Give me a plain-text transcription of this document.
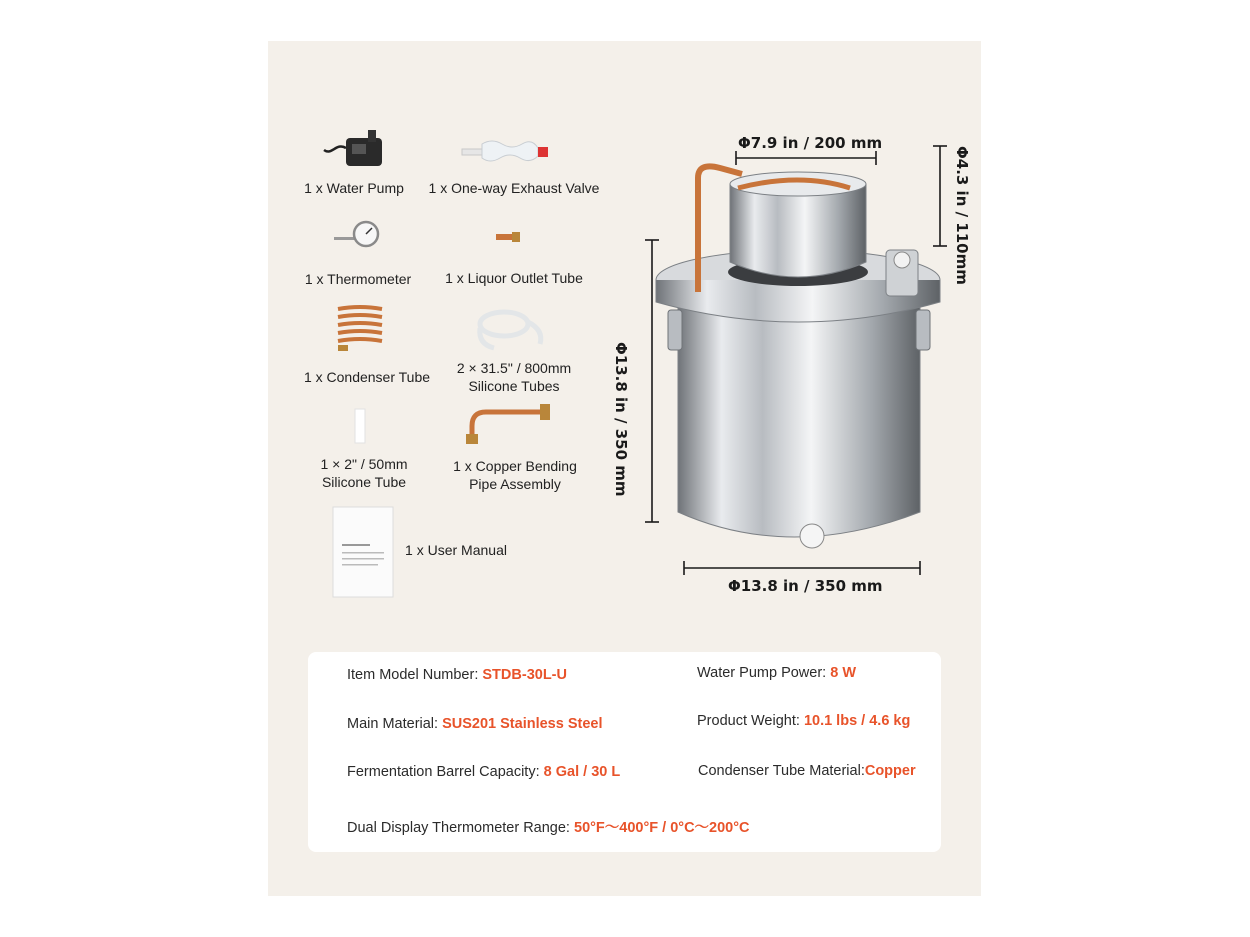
1 x Water Pump 1 x One-way Exhaust Valve
1 x Thermometer	1 x Liquor Outlet Tube
1 x Condenser Tube
2 × 31.5" / 800mm
Silicone Tubes
1 × 2" / 50mm
Silicone Tube
1 x Copper Bending
Pipe Assembly
1 x User Manual
Φ7.9 in / 200 mm
Φ4.3 in / 110mm
Φ13.8 in / 350 mm
Φ13.8 in / 350 mm
Item Model Number: STDB-30L-U	Water Pump Power: 8 W
Main Material: SUS201 Stainless Steel	Product Weight: 10.1 lbs / 4.6 kg
Fermentation Barrel Capacity: 8 Gal / 30 L	Condenser Tube Material:Copper
Dual Display Thermometer Range: 50°F～400°F / 0°C～200°C
